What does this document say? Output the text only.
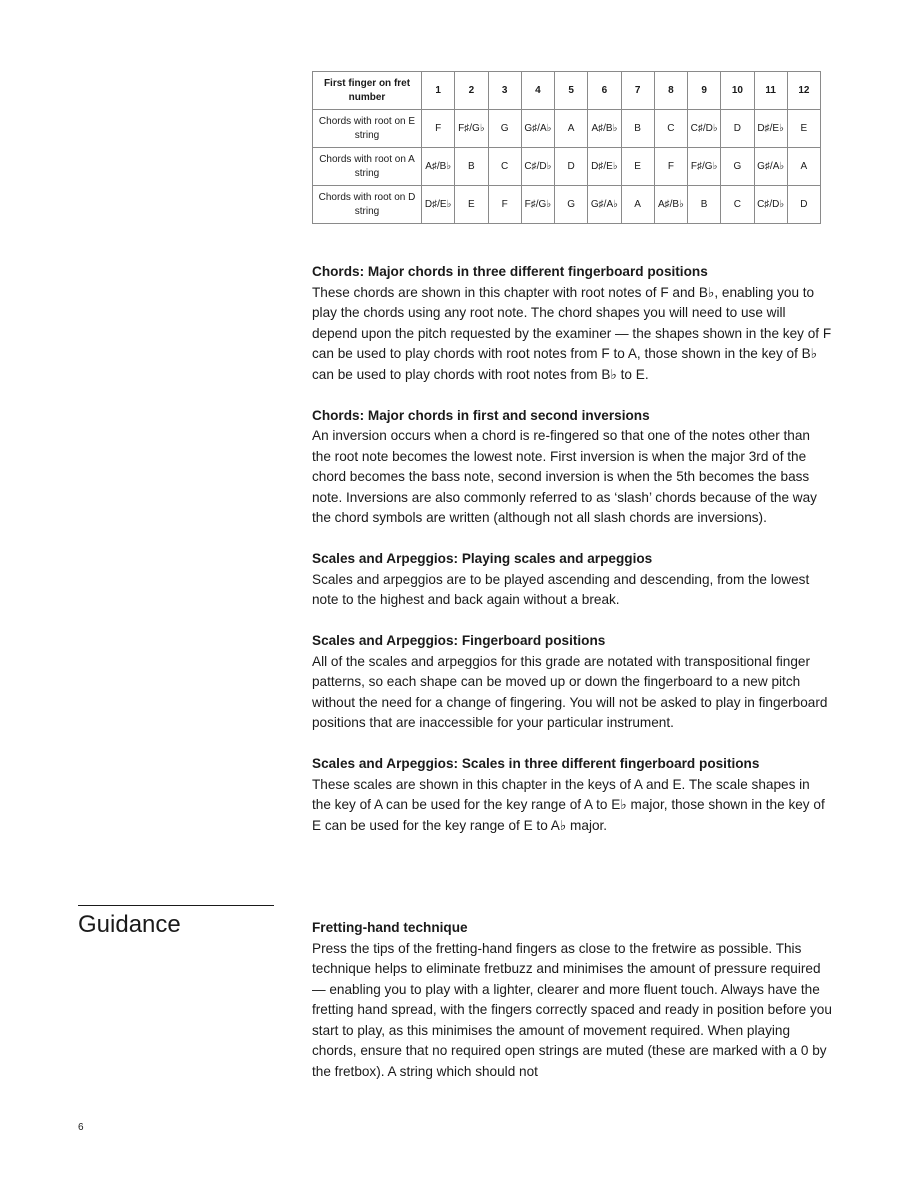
First finger on fret number	1	2	3	4	5	6	7	8	9	10	11	12
Chords with root on E string	F	F♯/G♭	G	G♯/A♭	A	A♯/B♭	B	C	C♯/D♭	D	D♯/E♭	E
Chords with root on A string	A♯/B♭	B	C	C♯/D♭	D	D♯/E♭	E	F	F♯/G♭	G	G♯/A♭	A
Chords with root on D string	D♯/E♭	E	F	F♯/G♭	G	G♯/A♭	A	A♯/B♭	B	C	C♯/D♭	D
Chords: Major chords in three different fingerboard positions

These chords are shown in this chapter with root notes of F and B♭, enabling you to play the chords using any root note. The chord shapes you will need to use will depend upon the pitch requested by the examiner — the shapes shown in the key of F can be used to play chords with root notes from F to A, those shown in the key of B♭ can be used to play chords with root notes from B♭ to E.

Chords: Major chords in first and second inversions

An inversion occurs when a chord is re-fingered so that one of the notes other than the root note becomes the lowest note. First inversion is when the major 3rd of the chord becomes the bass note, second inversion is when the 5th becomes the bass note. Inversions are also commonly referred to as ‘slash’ chords because of the way the chord symbols are written (although not all slash chords are inversions).

Scales and Arpeggios: Playing scales and arpeggios

Scales and arpeggios are to be played ascending and descending, from the lowest note to the highest and back again without a break.

Scales and Arpeggios: Fingerboard positions

All of the scales and arpeggios for this grade are notated with transpositional finger patterns, so each shape can be moved up or down the fingerboard to a new pitch without the need for a change of fingering. You will not be asked to play in fingerboard positions that are inaccessible for your particular instrument.

Scales and Arpeggios: Scales in three different fingerboard positions

These scales are shown in this chapter in the keys of A and E. The scale shapes in the key of A can be used for the key range of A to E♭ major, those shown in the key of E can be used for the key range of E to A♭ major.

Guidance	Fretting-hand technique

Press the tips of the fretting-hand fingers as close to the fretwire as possible. This technique helps to eliminate fretbuzz and minimises the amount of pressure required — enabling you to play with a lighter, clearer and more fluent touch. Always have the fretting hand spread, with the fingers correctly spaced and ready in position before you start to play, as this minimises the amount of movement required. When playing chords, ensure that no required open strings are muted (these are marked with a 0 by the fretbox). A string which should not

6
